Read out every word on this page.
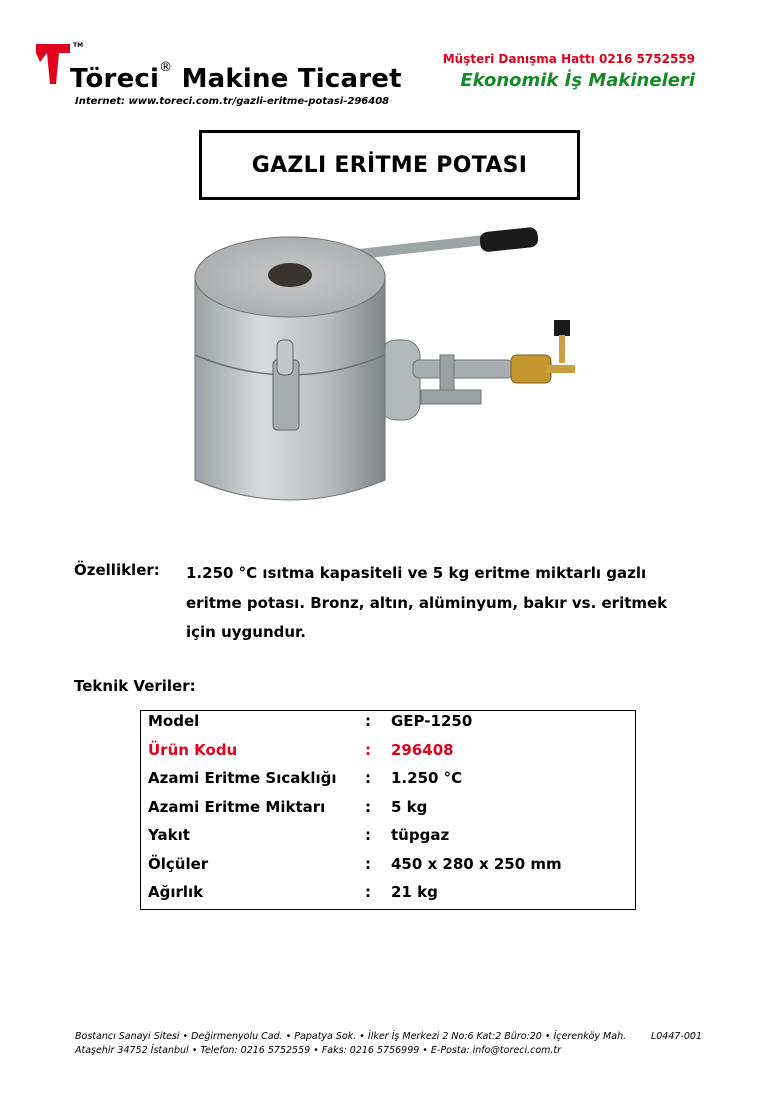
TM
Töreci® Makine Ticaret
Internet: www.toreci.com.tr/gazli-eritme-potasi-296408
Müşteri Danışma Hattı 0216 5752559
Ekonomik İş Makineleri
GAZLI ERİTME POTASI
Özellikler: 1.250 °C ısıtma kapasiteli ve 5 kg eritme miktarlı gazlı
eritme potası. Bronz, altın, alüminyum, bakır vs. eritmek
için uygundur.
Teknik Veriler:
Model	: GEP-1250
Ürün Kodu	: 296408
Azami Eritme Sıcaklığı : 1.250 °C
Azami Eritme Miktarı	: 5 kg
Yakıt	: tüpgaz
Ölçüler	: 450 x 280 x 250 mm
Ağırlık	: 21 kg
Bostancı Sanayi Sitesi • Değirmenyolu Cad. • Papatya Sok. • İlker İş Merkezi 2 No:6 Kat:2 Büro:20 • İçerenköy Mah.
Ataşehir 34752 İstanbul • Telefon: 0216 5752559 • Faks: 0216 5756999 • E-Posta: info@toreci.com.tr
L0447-001
